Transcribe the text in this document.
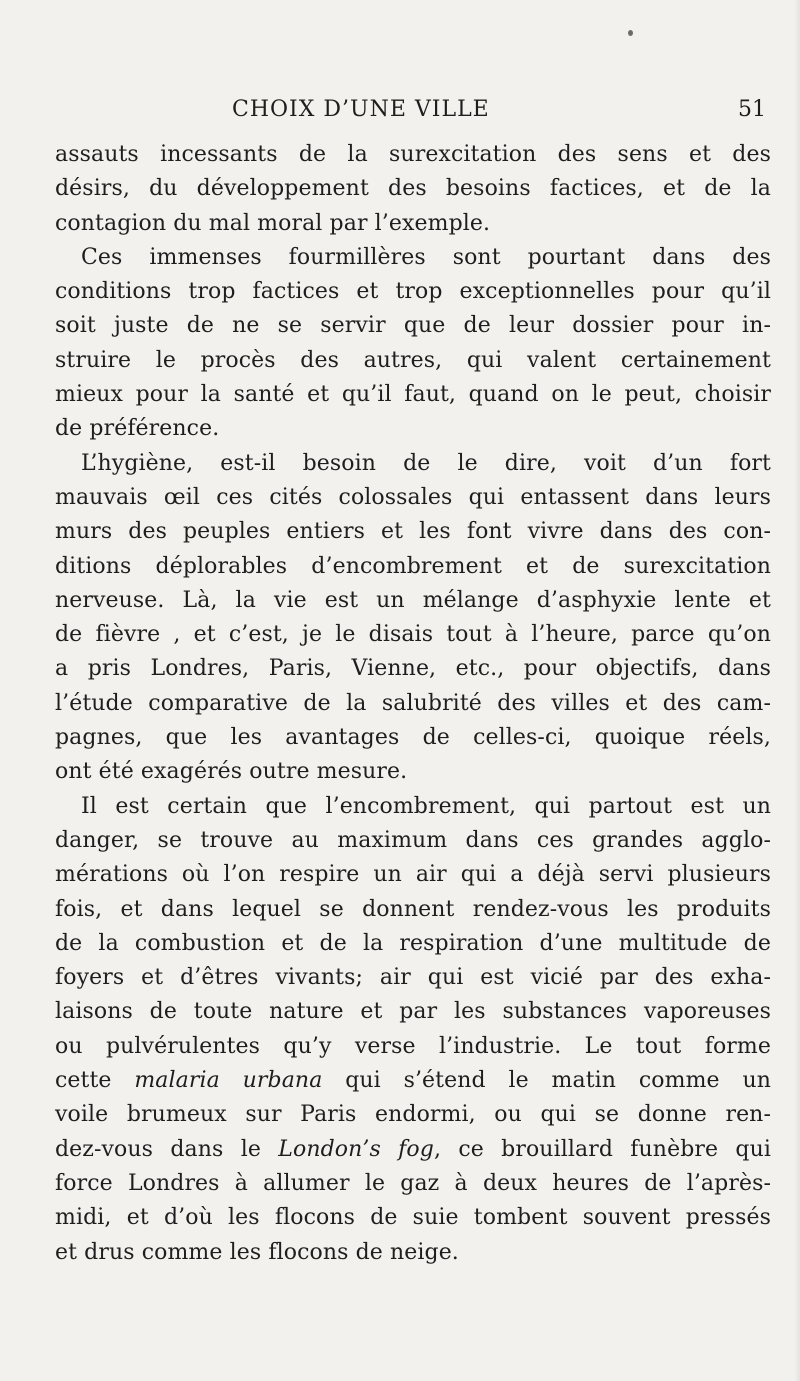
CHOIX D’UNE VILLE	51
assauts incessants de la surexcitation des sens et des
désirs, du développement des besoins factices, et de la
contagion du mal moral par l’exemple.
Ces immenses fourmillères sont pourtant dans des
conditions trop factices et trop exceptionnelles pour qu’il
soit juste de ne se servir que de leur dossier pour in-
struire le procès des autres, qui valent certainement
mieux pour la santé et qu’il faut, quand on le peut, choisir
de préférence.
L’hygiène, est-il besoin de le dire, voit d’un fort
mauvais œil ces cités colossales qui entassent dans leurs
murs des peuples entiers et les font vivre dans des con-
ditions déplorables d’encombrement et de surexcitation
nerveuse. Là, la vie est un mélange d’asphyxie lente et
de fièvre , et c’est, je le disais tout à l’heure, parce qu’on
a pris Londres, Paris, Vienne, etc., pour objectifs, dans
l’étude comparative de la salubrité des villes et des cam-
pagnes, que les avantages de celles-ci, quoique réels,
ont été exagérés outre mesure.
Il est certain que l’encombrement, qui partout est un
danger, se trouve au maximum dans ces grandes agglo-
mérations où l’on respire un air qui a déjà servi plusieurs
fois, et dans lequel se donnent rendez-vous les produits
de la combustion et de la respiration d’une multitude de
foyers et d’êtres vivants; air qui est vicié par des exha-
laisons de toute nature et par les substances vaporeuses
ou pulvérulentes qu’y verse l’industrie. Le tout forme
cette malaria urbana qui s’étend le matin comme un
voile brumeux sur Paris endormi, ou qui se donne ren-
dez-vous dans le London’s fog, ce brouillard funèbre qui
force Londres à allumer le gaz à deux heures de l’après-
midi, et d’où les flocons de suie tombent souvent pressés
et drus comme les flocons de neige.
